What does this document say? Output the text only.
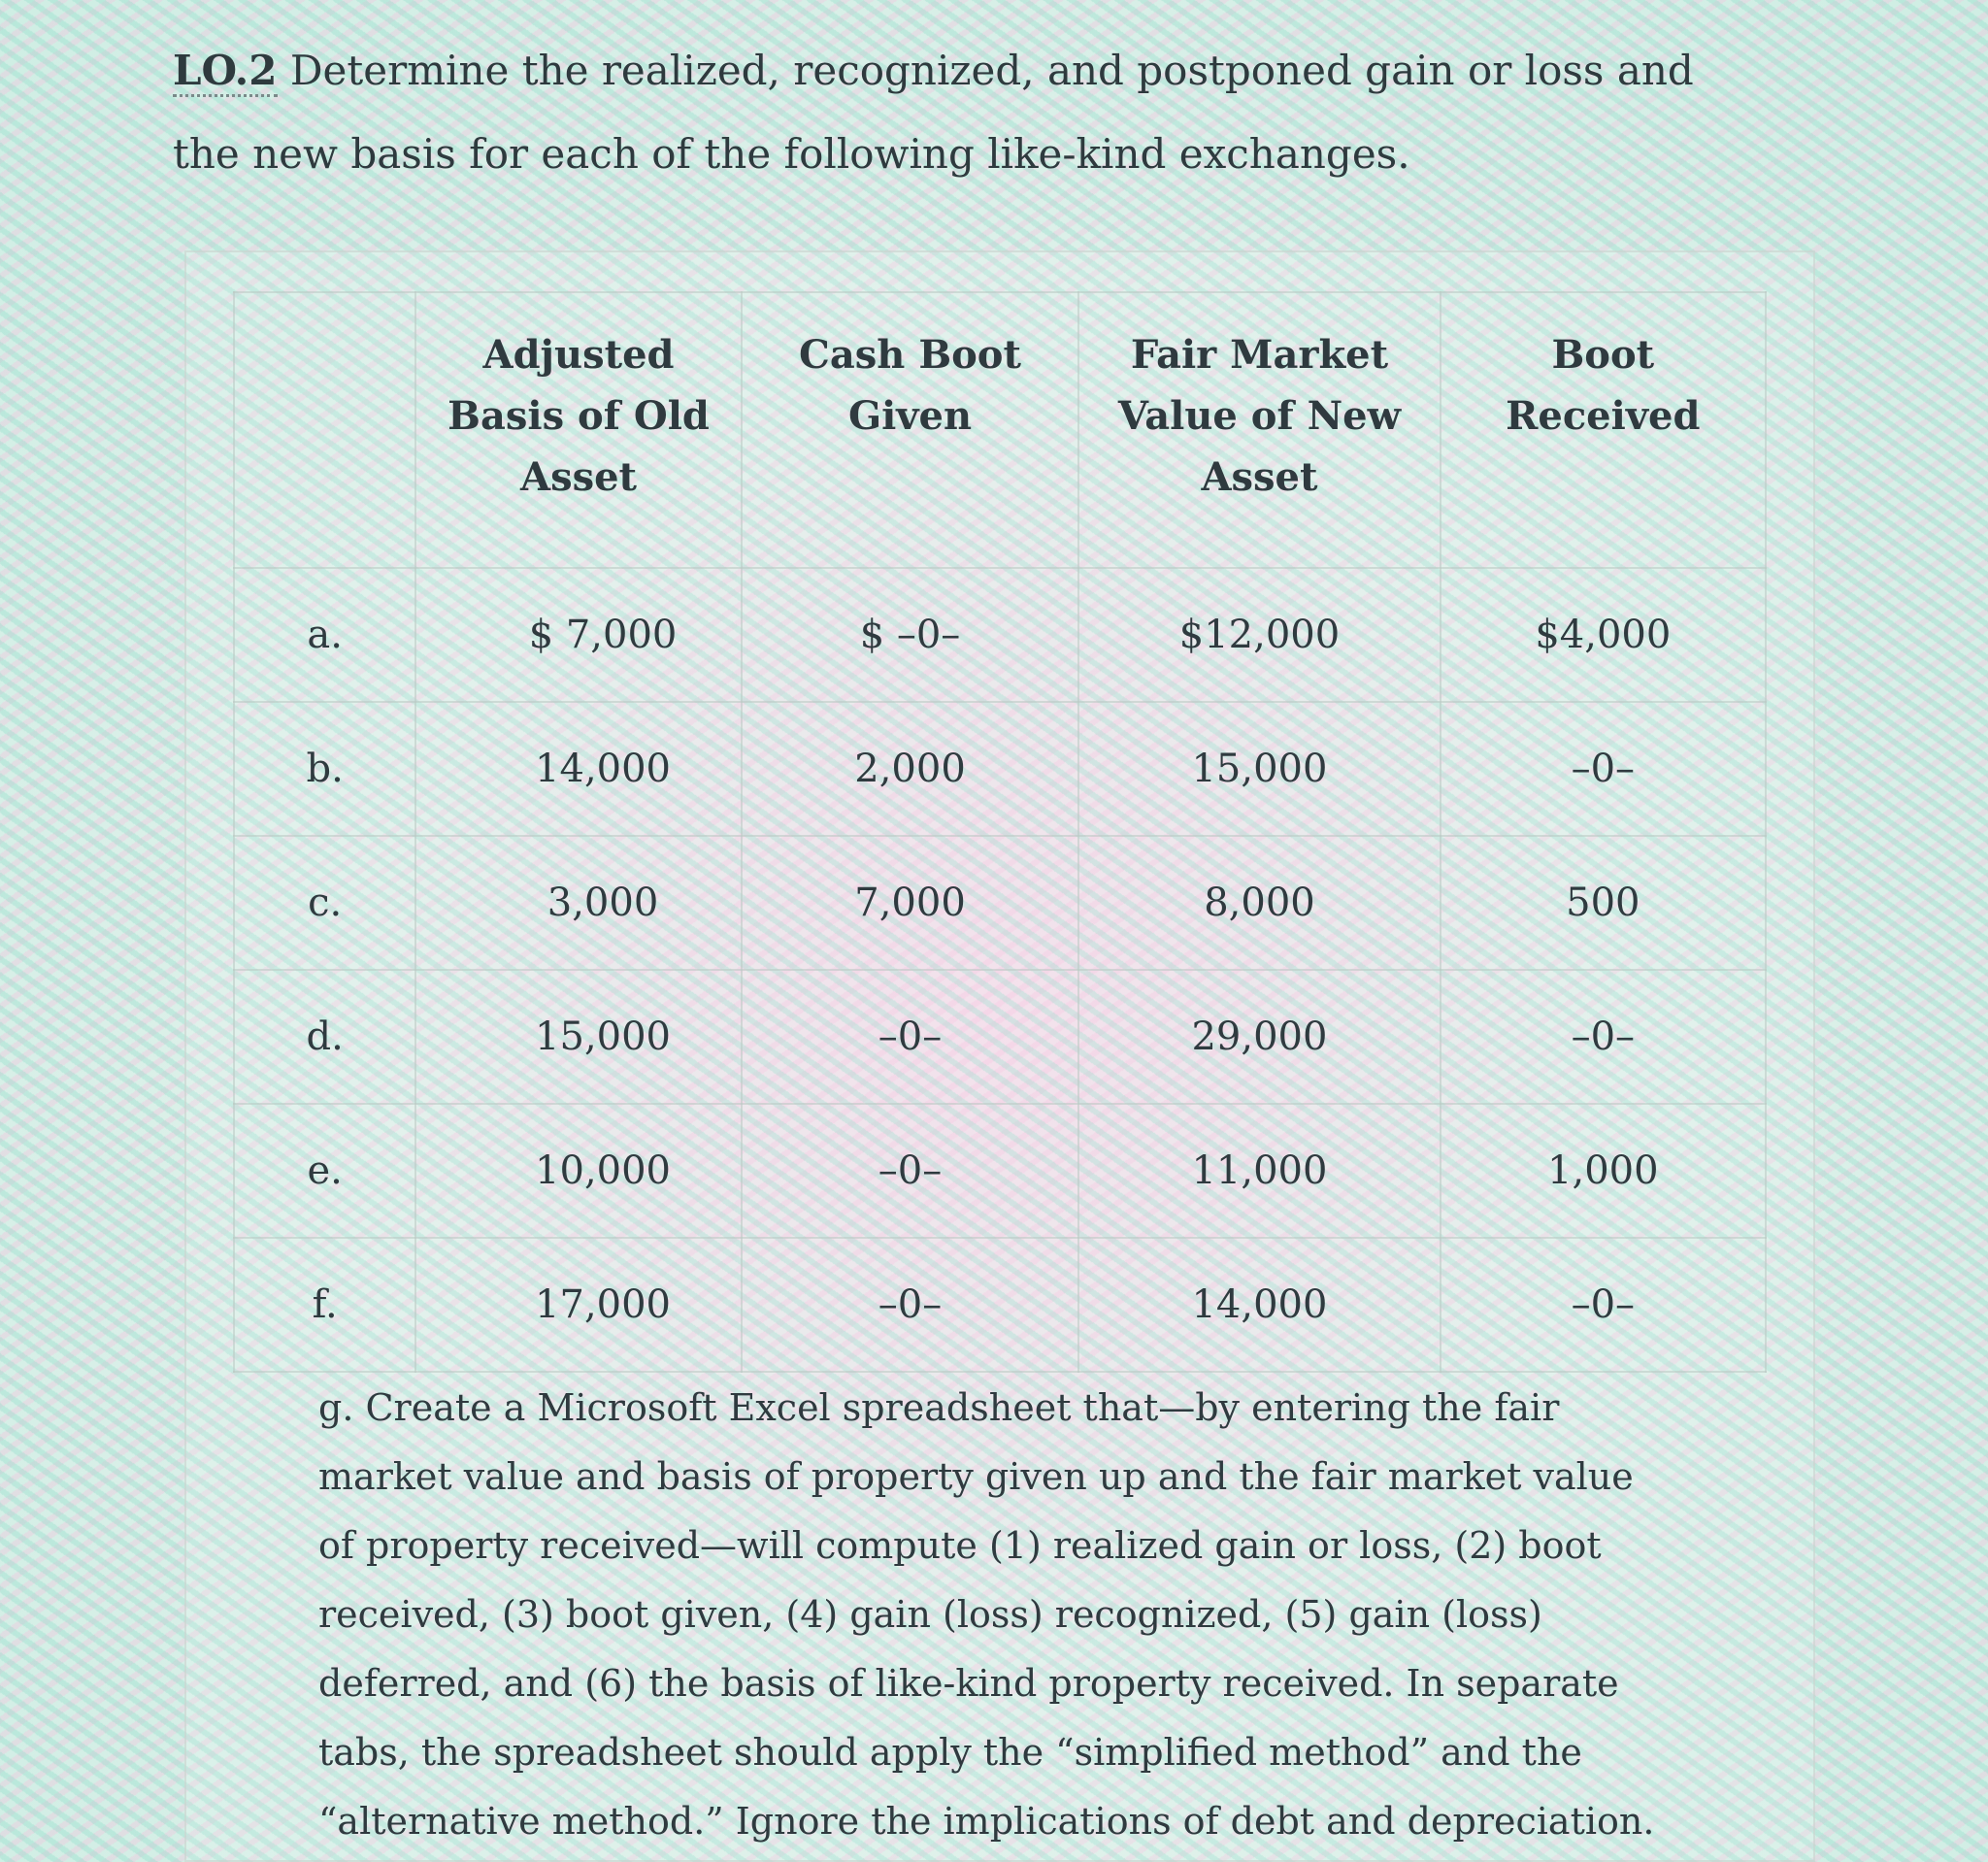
LO.2 Determine the realized, recognized, and postponed gain or loss and the new basis for each of the following like-kind exchanges.
	Adjusted Basis of Old Asset	Cash Boot Given	Fair Market Value of New Asset	Boot Received
a.	$ 7,000	$ –0–	$12,000	$4,000
b.	14,000	2,000	15,000	–0–
c.	3,000	7,000	8,000	500
d.	15,000	–0–	29,000	–0–
e.	10,000	–0–	11,000	1,000
f.	17,000	–0–	14,000	–0–
g. Create a Microsoft Excel spreadsheet that—by entering the fair market value and basis of property given up and the fair market value of property received—will compute (1) realized gain or loss, (2) boot received, (3) boot given, (4) gain (loss) recognized, (5) gain (loss) deferred, and (6) the basis of like-kind property received. In separate tabs, the spreadsheet should apply the “simplified method” and the “alternative method.” Ignore the implications of debt and depreciation.
